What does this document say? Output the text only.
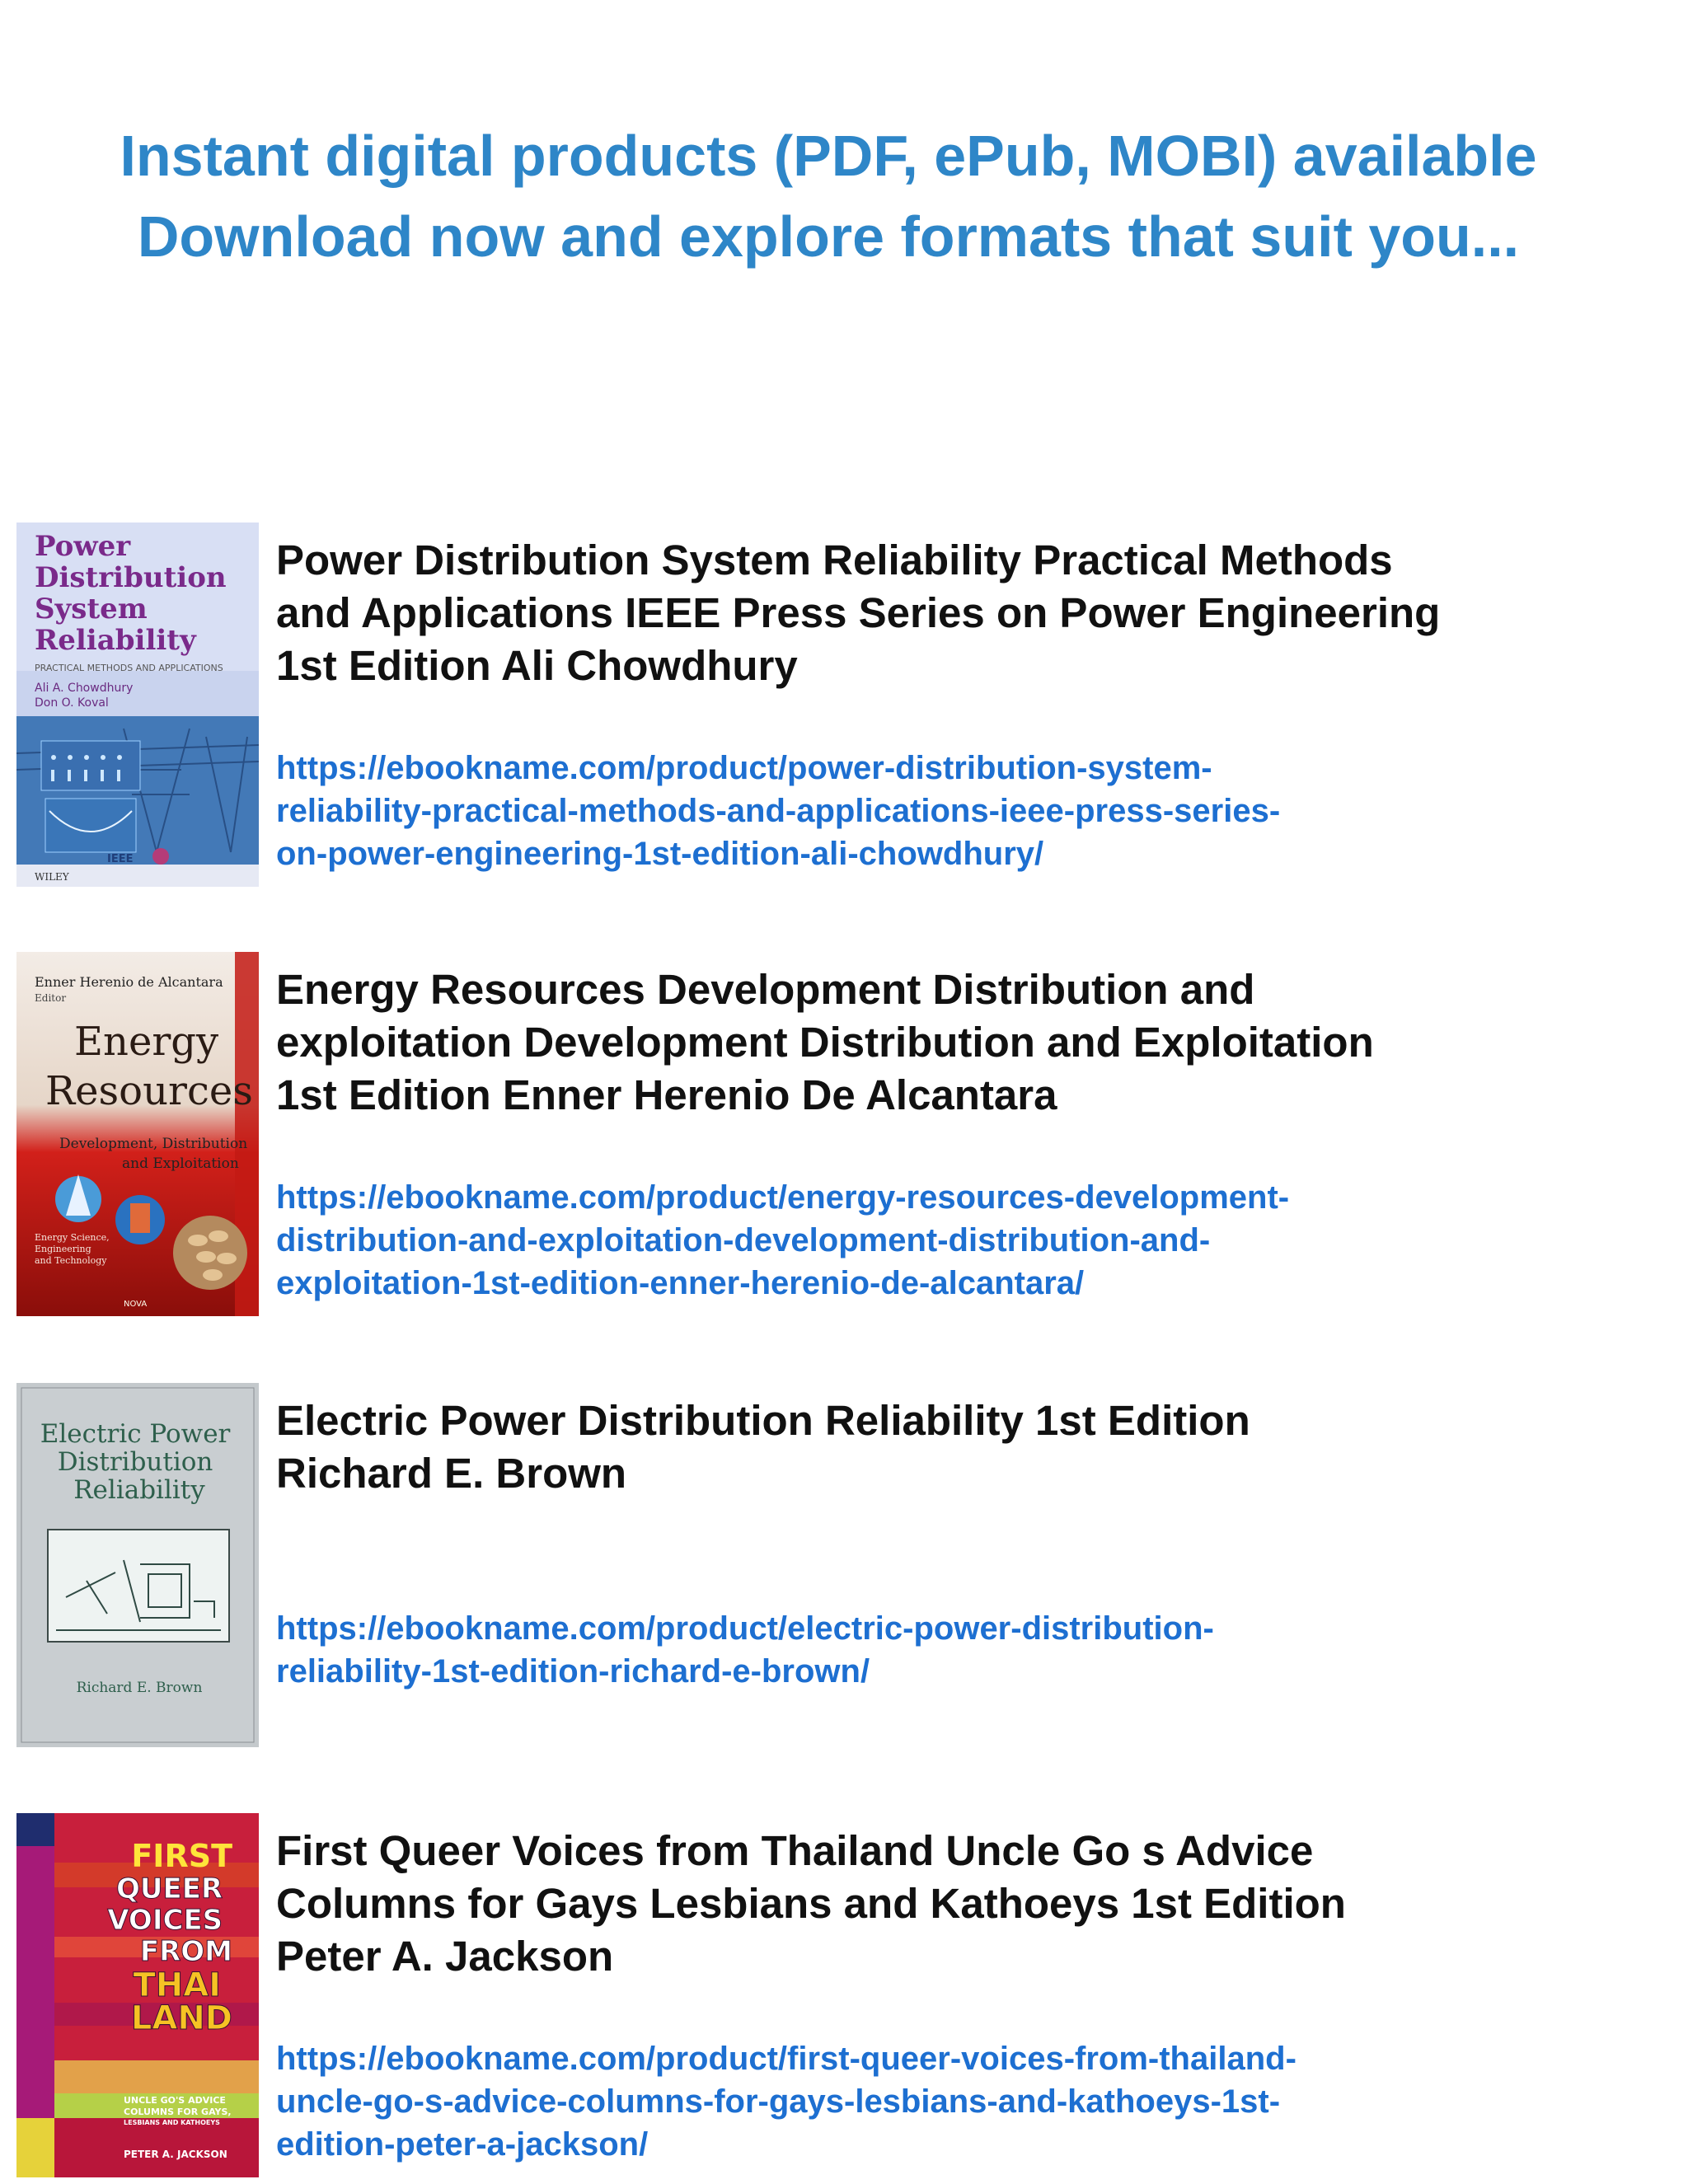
Instant digital products (PDF, ePub, MOBI) available
Download now and explore formats that suit you...
Power Distribution System Reliability
PRACTICAL METHODS AND APPLICATIONS
Ali A. Chowdhury Don O. Koval
WILEY
IEEE
Power Distribution System Reliability Practical Methods
and Applications IEEE Press Series on Power Engineering
1st Edition Ali Chowdhury
https://ebookname.com/product/power-distribution-system-
reliability-practical-methods-and-applications-ieee-press-series-
on-power-engineering-1st-edition-ali-chowdhury/
Enner Herenio de Alcantara
Editor
Energy Resources
Development, Distribution and Exploitation
Energy Science, Engineering and Technology
NOVA
Energy Resources Development Distribution and
exploitation Development Distribution and Exploitation
1st Edition Enner Herenio De Alcantara
https://ebookname.com/product/energy-resources-development-
distribution-and-exploitation-development-distribution-and-
exploitation-1st-edition-enner-herenio-de-alcantara/
Electric Power Distribution Reliability
Richard E. Brown
Electric Power Distribution Reliability 1st Edition
Richard E. Brown
https://ebookname.com/product/electric-power-distribution-
reliability-1st-edition-richard-e-brown/
FIRST
QUEER VOICES FROM
THAI LAND
UNCLE GO'S ADVICE COLUMNS FOR GAYS, LESBIANS AND KATHOEYS
PETER A. JACKSON
First Queer Voices from Thailand Uncle Go s Advice
Columns for Gays Lesbians and Kathoeys 1st Edition
Peter A. Jackson
https://ebookname.com/product/first-queer-voices-from-thailand-
uncle-go-s-advice-columns-for-gays-lesbians-and-kathoeys-1st-
edition-peter-a-jackson/
